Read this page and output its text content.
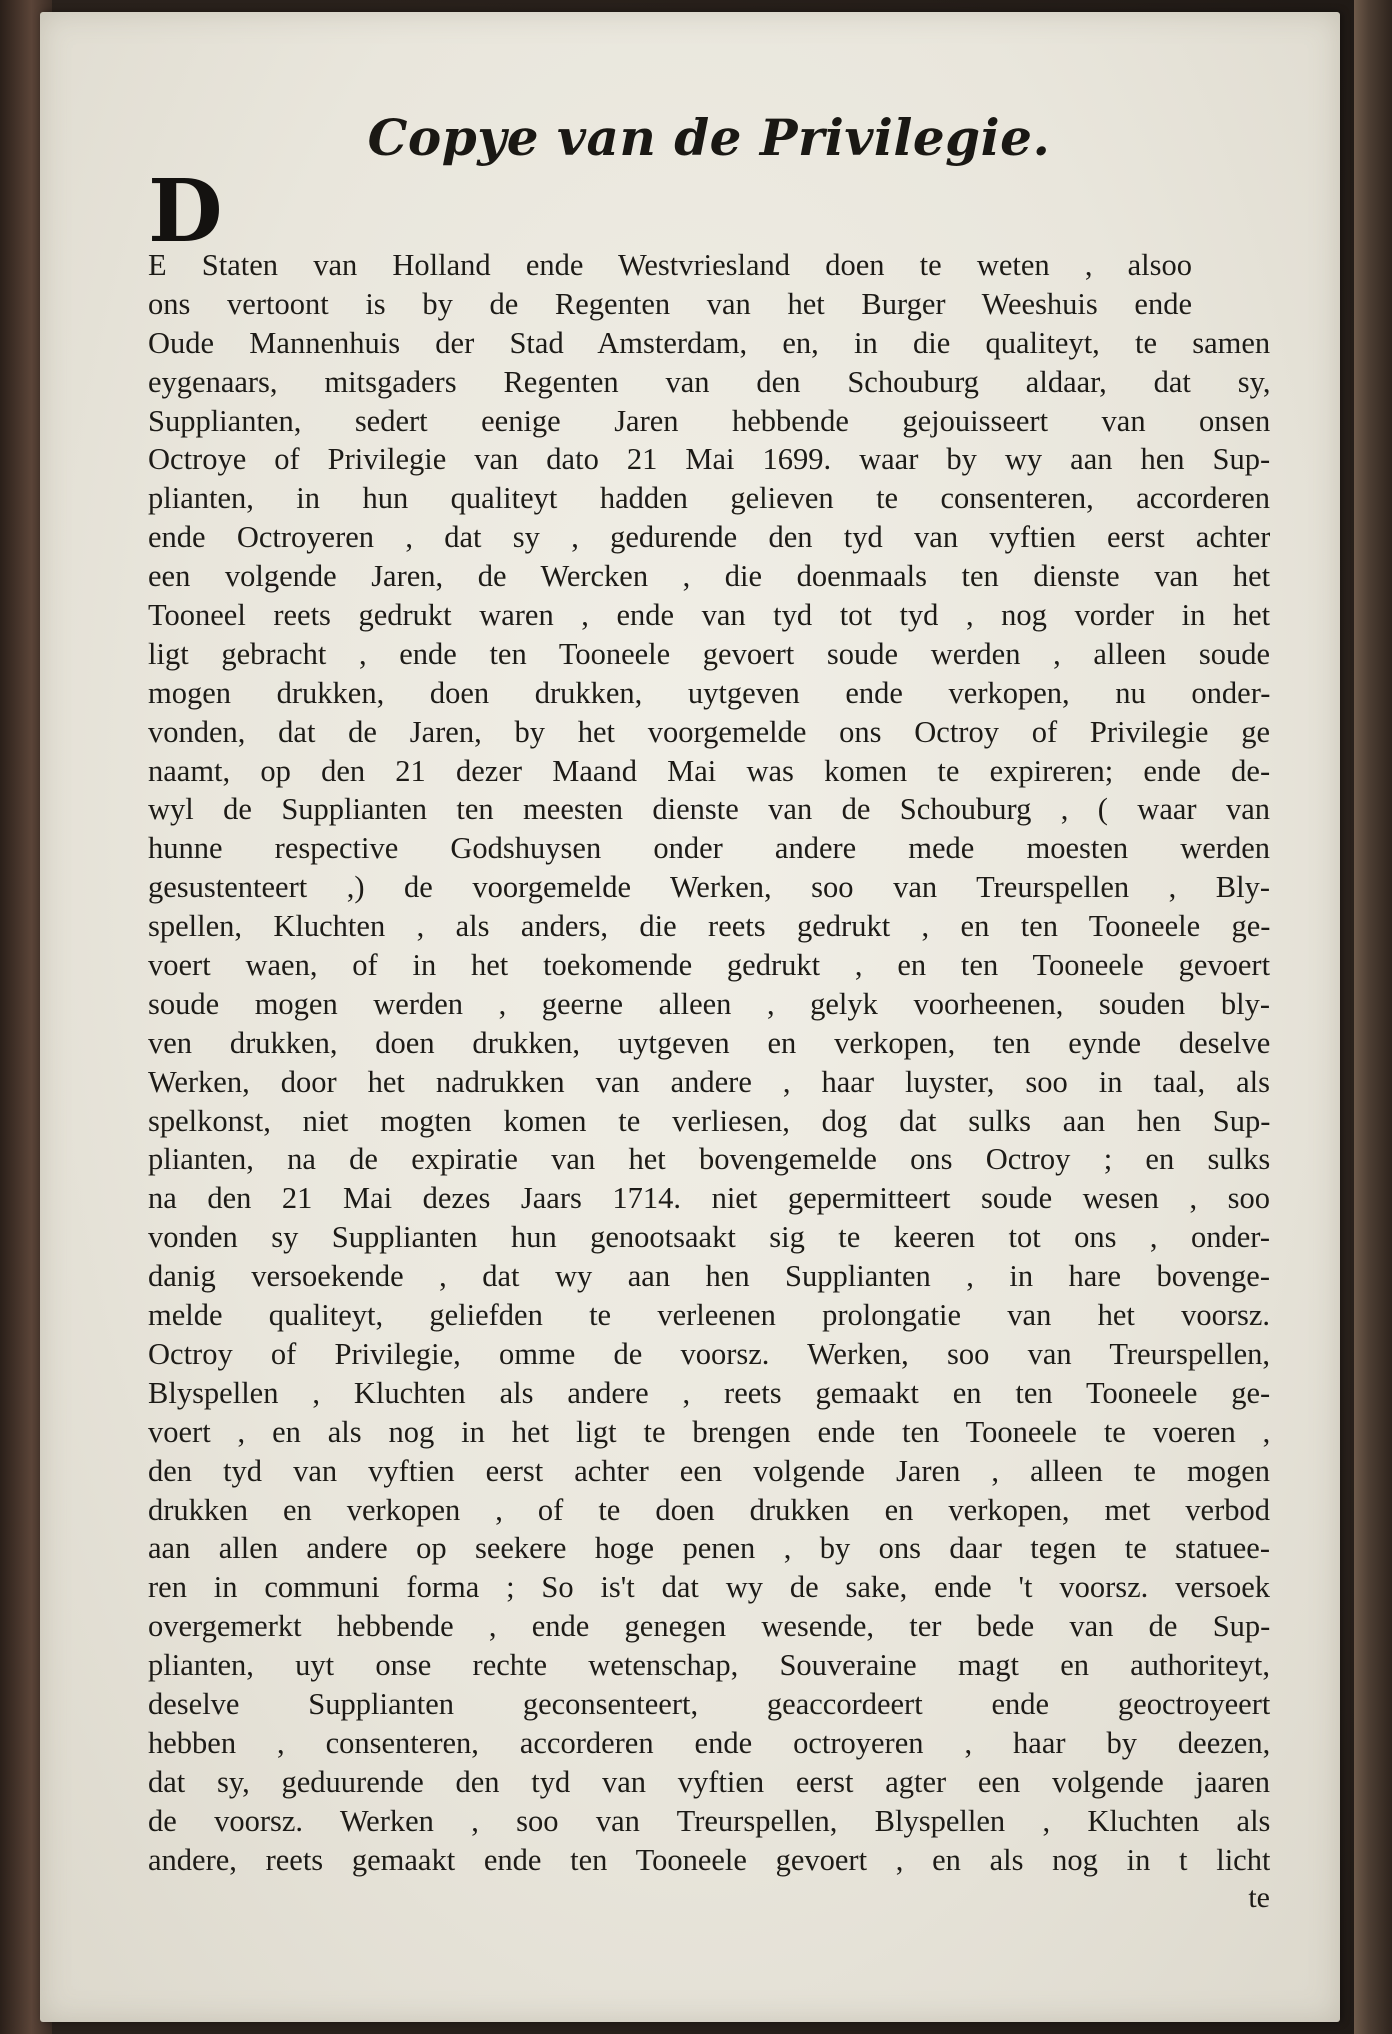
Copye van de Privilegie.
D
E Staten van Holland ende Westvriesland doen te weten , alsoo
ons vertoont is by de Regenten van het Burger Weeshuis ende
Oude Mannenhuis der Stad Amsterdam, en, in die qualiteyt, te samen
eygenaars, mitsgaders Regenten van den Schouburg aldaar, dat sy,
Supplianten, sedert eenige Jaren hebbende gejouisseert van onsen
Octroye of Privilegie van dato 21 Mai 1699. waar by wy aan hen Sup-
plianten, in hun qualiteyt hadden gelieven te consenteren, accorderen
ende Octroyeren , dat sy , gedurende den tyd van vyftien eerst achter
een volgende Jaren, de Wercken , die doenmaals ten dienste van het
Tooneel reets gedrukt waren , ende van tyd tot tyd , nog vorder in het
ligt gebracht , ende ten Tooneele gevoert soude werden , alleen soude
mogen drukken, doen drukken, uytgeven ende verkopen, nu onder-
vonden, dat de Jaren, by het voorgemelde ons Octroy of Privilegie ge
naamt, op den 21 dezer Maand Mai was komen te expireren; ende de-
wyl de Supplianten ten meesten dienste van de Schouburg , ( waar van
hunne respective Godshuysen onder andere mede moesten werden
gesustenteert ,) de voorgemelde Werken, soo van Treurspellen , Bly-
spellen, Kluchten , als anders, die reets gedrukt , en ten Tooneele ge-
voert waen, of in het toekomende gedrukt , en ten Tooneele gevoert
soude mogen werden , geerne alleen , gelyk voorheenen, souden bly-
ven drukken, doen drukken, uytgeven en verkopen, ten eynde deselve
Werken, door het nadrukken van andere , haar luyster, soo in taal, als
spelkonst, niet mogten komen te verliesen, dog dat sulks aan hen Sup-
plianten, na de expiratie van het bovengemelde ons Octroy ; en sulks
na den 21 Mai dezes Jaars 1714. niet gepermitteert soude wesen , soo
vonden sy Supplianten hun genootsaakt sig te keeren tot ons , onder-
danig versoekende , dat wy aan hen Supplianten , in hare bovenge-
melde qualiteyt, geliefden te verleenen prolongatie van het voorsz.
Octroy of Privilegie, omme de voorsz. Werken, soo van Treurspellen,
Blyspellen , Kluchten als andere , reets gemaakt en ten Tooneele ge-
voert , en als nog in het ligt te brengen ende ten Tooneele te voeren ,
den tyd van vyftien eerst achter een volgende Jaren , alleen te mogen
drukken en verkopen , of te doen drukken en verkopen, met verbod
aan allen andere op seekere hoge penen , by ons daar tegen te statuee-
ren in communi forma ; So is't dat wy de sake, ende 't voorsz. versoek
overgemerkt hebbende , ende genegen wesende, ter bede van de Sup-
plianten, uyt onse rechte wetenschap, Souveraine magt en authoriteyt,
deselve Supplianten geconsenteert, geaccordeert ende geoctroyeert
hebben , consenteren, accorderen ende octroyeren , haar by deezen,
dat sy, geduurende den tyd van vyftien eerst agter een volgende jaaren
de voorsz. Werken , soo van Treurspellen, Blyspellen , Kluchten als
andere, reets gemaakt ende ten Tooneele gevoert , en als nog in t licht
te
